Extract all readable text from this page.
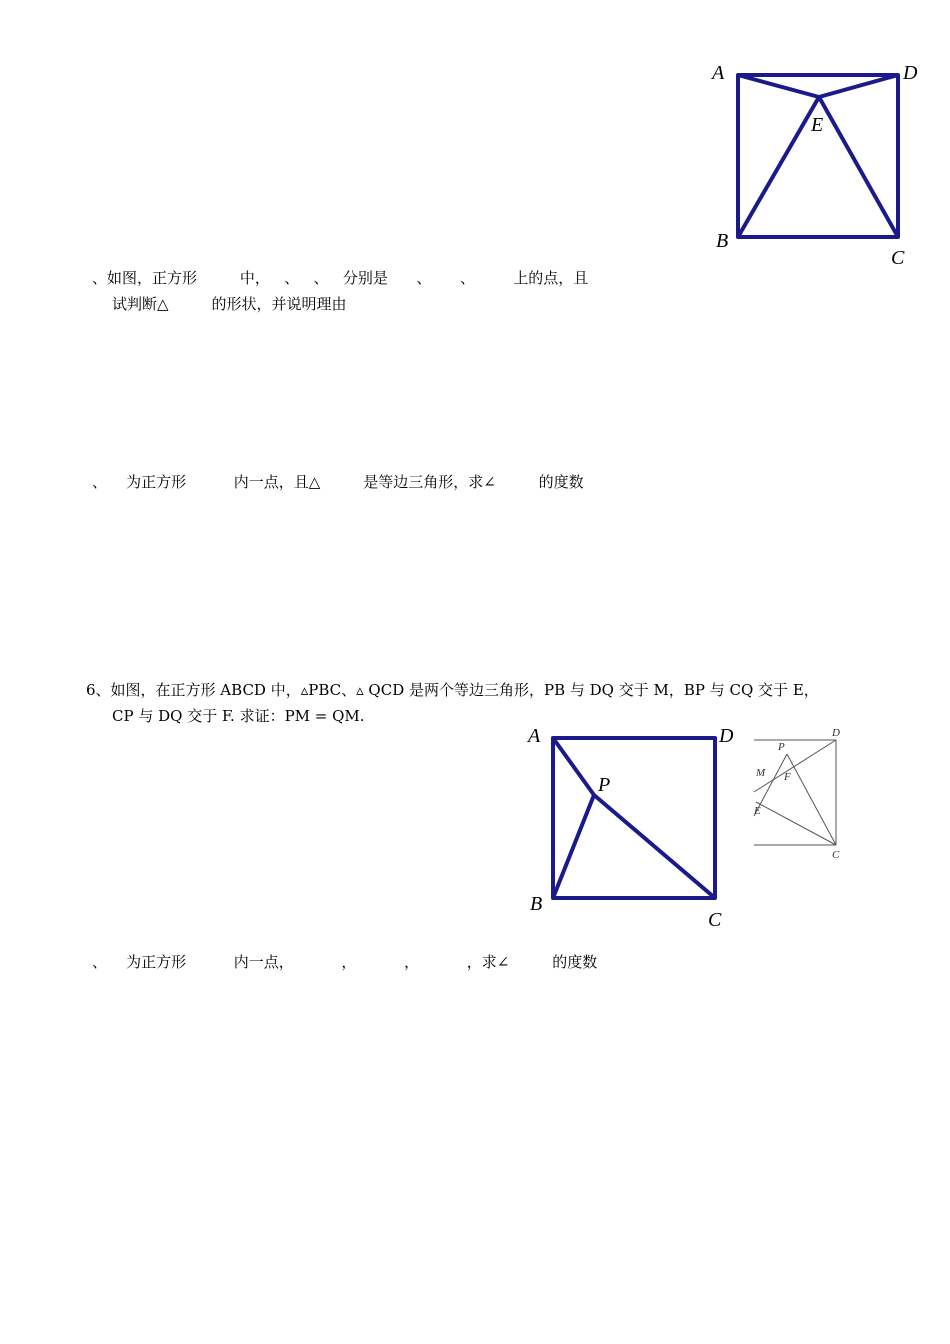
A	D
E
B
C
、如图，正方形         中，   、   、   分别是      、      、        上的点，且
试判断△         的形状，并说明理由
、    为正方形          内一点，且△         是等边三角形，求∠         的度数
6、如图，在正方形 ABCD 中，▵PBC、▵ QCD 是两个等边三角形，PB 与 DQ 交于 M，BP 与 CQ 交于 E，
CP 与 DQ 交于 F. 求证：PM = QM.
A	D
P
B
C
D
P
M F
E
C
、    为正方形          内一点，          ，          ，          ，求∠         的度数
